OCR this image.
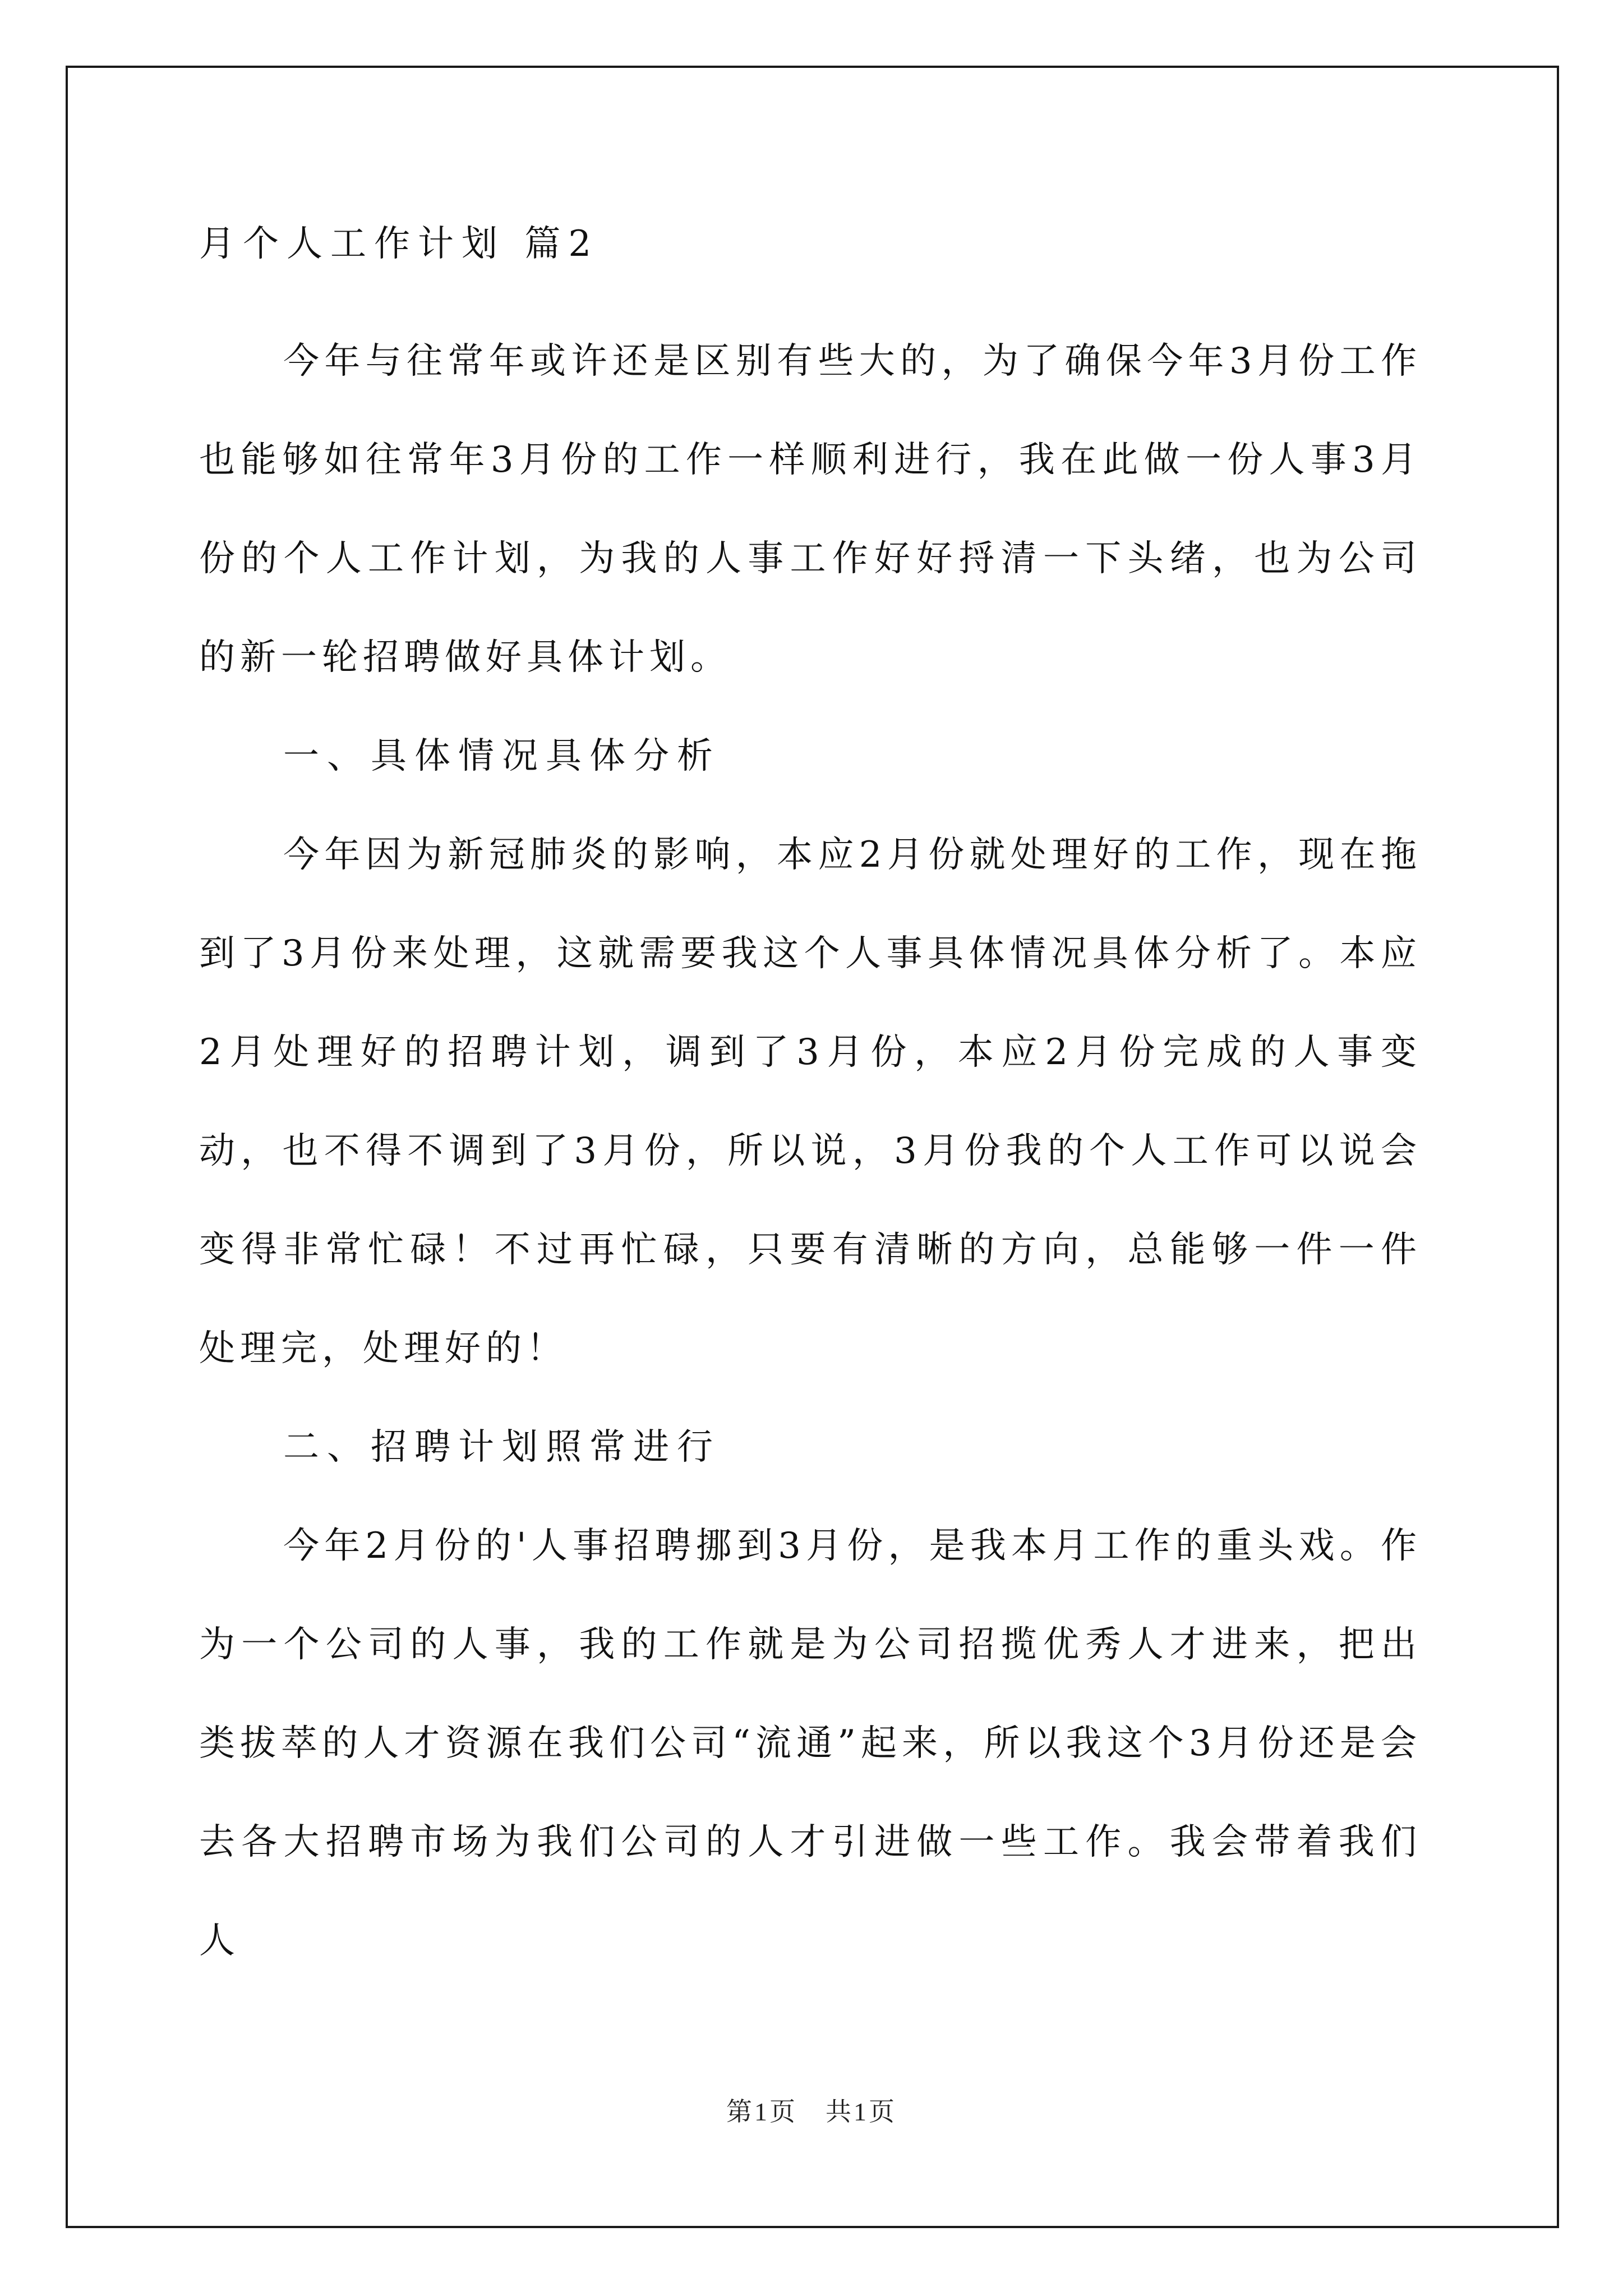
月个人工作计划 篇2

今年与往常年或许还是区别有些大的，为了确保今年3月份工作也能够如往常年3月份的工作一样顺利进行，我在此做一份人事3月份的个人工作计划，为我的人事工作好好捋清一下头绪，也为公司的新一轮招聘做好具体计划。

一、具体情况具体分析

今年因为新冠肺炎的影响，本应2月份就处理好的工作，现在拖到了3月份来处理，这就需要我这个人事具体情况具体分析了。本应2月处理好的招聘计划，调到了3月份，本应2月份完成的人事变动，也不得不调到了3月份，所以说，3月份我的个人工作可以说会变得非常忙碌！不过再忙碌，只要有清晰的方向，总能够一件一件处理完，处理好的！

二、招聘计划照常进行

今年2月份的'人事招聘挪到3月份，是我本月工作的重头戏。作为一个公司的人事，我的工作就是为公司招揽优秀人才进来，把出类拔萃的人才资源在我们公司“流通”起来，所以我这个3月份还是会去各大招聘市场为我们公司的人才引进做一些工作。我会带着我们人

第1页　共1页
